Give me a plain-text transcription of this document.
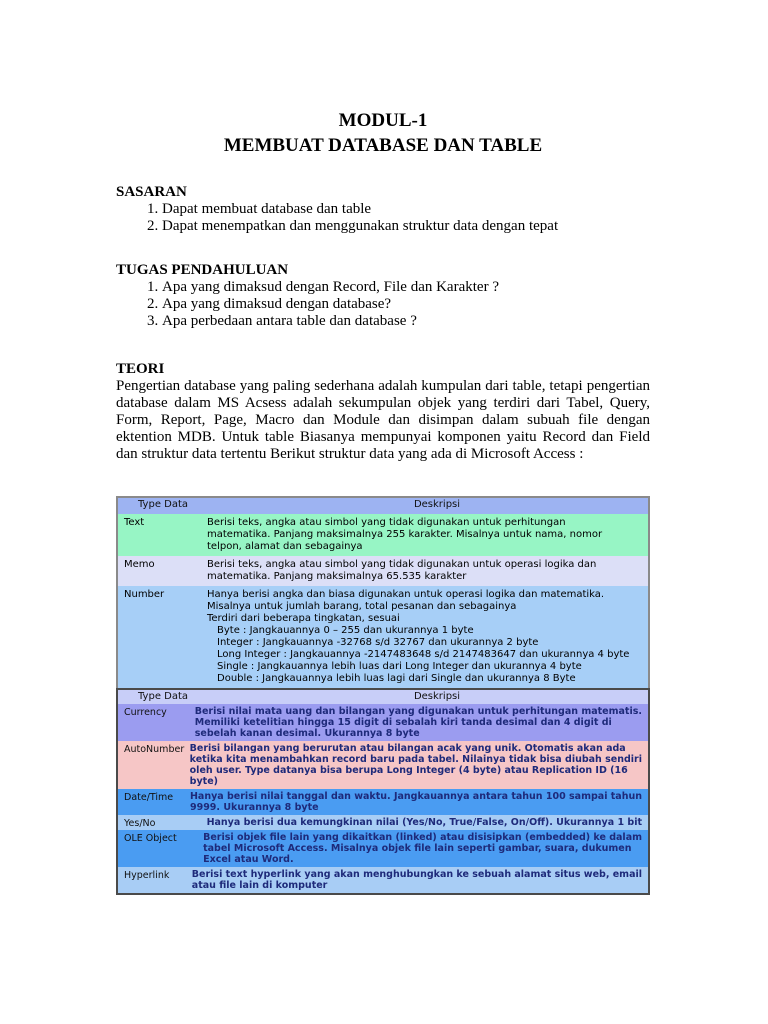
MODUL-1
MEMBUAT DATABASE DAN TABLE
SASARAN
1. Dapat membuat database dan table
2. Dapat menempatkan dan menggunakan struktur data dengan tepat
TUGAS PENDAHULUAN
1. Apa yang dimaksud dengan Record, File dan Karakter ?
2. Apa yang dimaksud dengan database?
3. Apa perbedaan antara table dan database ?
TEORI
Pengertian database yang paling sederhana adalah kumpulan dari table, tetapi pengertian database dalam MS Acsess adalah sekumpulan objek yang terdiri dari Tabel, Query, Form, Report, Page, Macro dan Module dan disimpan dalam subuah file dengan ektention MDB. Untuk table Biasanya mempunyai komponen yaitu Record dan Field dan struktur data tertentu Berikut struktur data yang ada di Microsoft Access :
Type Data	Deskripsi
Text	Berisi teks, angka atau simbol yang tidak digunakan untuk perhitungan
matematika. Panjang maksimalnya 255 karakter. Misalnya untuk nama, nomor
telpon, alamat dan sebagainya
Memo	Berisi teks, angka atau simbol yang tidak digunakan untuk operasi logika dan
matematika. Panjang maksimalnya 65.535 karakter
Number	Hanya berisi angka dan biasa digunakan untuk operasi logika dan matematika.
Misalnya untuk jumlah barang, total pesanan dan sebagainya
Terdiri dari beberapa tingkatan, sesuai
Byte : Jangkauannya 0 – 255 dan ukurannya 1 byte
Integer : Jangkauannya -32768 s/d 32767 dan ukurannya 2 byte
Long Integer : Jangkauannya -2147483648 s/d 2147483647 dan ukurannya 4 byte
Single : Jangkauannya lebih luas dari Long Integer dan ukurannya 4 byte
Double : Jangkauannya lebih luas lagi dari Single dan ukurannya 8 Byte
Type Data	Deskripsi
Currency	Berisi nilai mata uang dan bilangan yang digunakan untuk perhitungan matematis.
Memiliki ketelitian hingga 15 digit di sebalah kiri tanda desimal dan 4 digit di
sebelah kanan desimal. Ukurannya 8 byte
AutoNumber Berisi bilangan yang berurutan atau bilangan acak yang unik. Otomatis akan ada
ketika kita menambahkan record baru pada tabel. Nilainya tidak bisa diubah sendiri
oleh user. Type datanya bisa berupa Long Integer (4 byte) atau Replication ID (16
byte)
Date/Time	Hanya berisi nilai tanggal dan waktu. Jangkauannya antara tahun 100 sampai tahun
9999. Ukurannya 8 byte
Yes/No	Hanya berisi dua kemungkinan nilai (Yes/No, True/False, On/Off). Ukurannya 1 bit
OLE Object	Berisi objek file lain yang dikaitkan (linked) atau disisipkan (embedded) ke dalam
tabel Microsoft Access. Misalnya objek file lain seperti gambar, suara, dukumen
Excel atau Word.
Hyperlink	Berisi text hyperlink yang akan menghubungkan ke sebuah alamat situs web, email
atau file lain di komputer
